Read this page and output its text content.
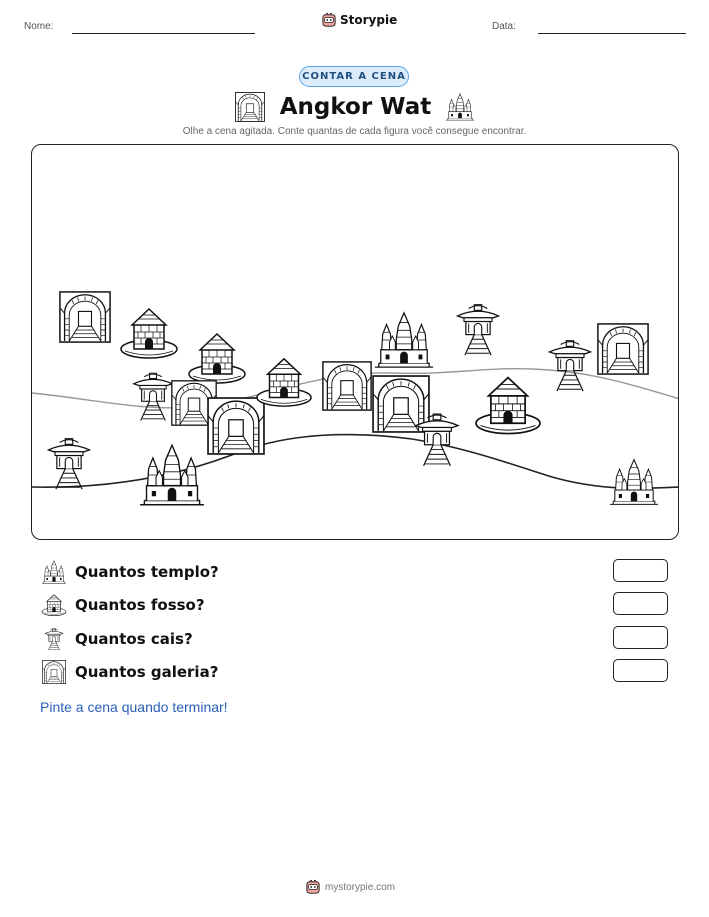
Nome:	Storypie	Data:
CONTAR A CENA
Angkor Wat
Olhe a cena agitada. Conte quantas de cada figura você consegue encontrar.
Quantos templo?
Quantos fosso?
Quantos cais?
Quantos galeria?
Pinte a cena quando terminar!
mystorypie.com
